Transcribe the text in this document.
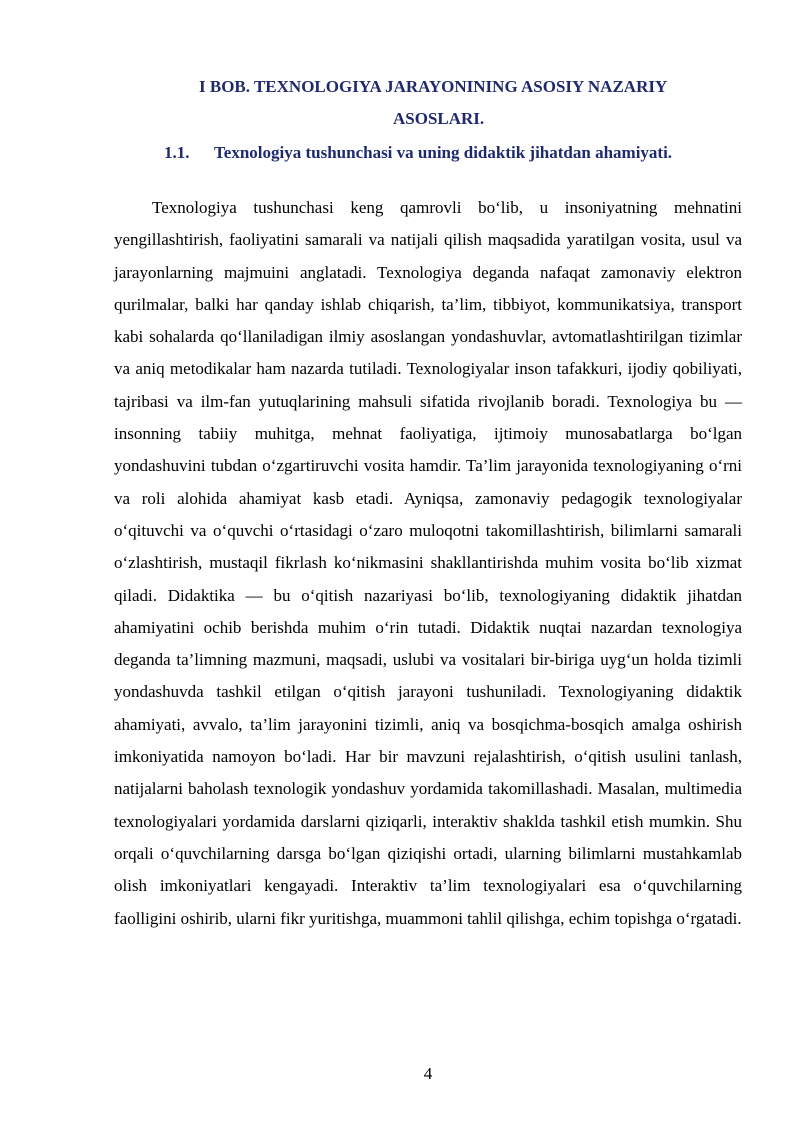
I BOB. TEXNOLOGIYA JARAYONINING ASOSIY NAZARIY
ASOSLARI.
1.1. Texnologiya tushunchasi va uning didaktik jihatdan ahamiyati.

Texnologiya tushunchasi keng qamrovli bo‘lib, u insoniyatning mehnatini yengillashtirish, faoliyatini samarali va natijali qilish maqsadida yaratilgan vosita, usul va jarayonlarning majmuini anglatadi. Texnologiya deganda nafaqat zamonaviy elektron qurilmalar, balki har qanday ishlab chiqarish, ta’lim, tibbiyot, kommunikatsiya, transport kabi sohalarda qo‘llaniladigan ilmiy asoslangan yondashuvlar, avtomatlashtirilgan tizimlar va aniq metodikalar ham nazarda tutiladi. Texnologiyalar inson tafakkuri, ijodiy qobiliyati, tajribasi va ilm-fan yutuqlarining mahsuli sifatida rivojlanib boradi. Texnologiya bu — insonning tabiiy muhitga, mehnat faoliyatiga, ijtimoiy munosabatlarga bo‘lgan yondashuvini tubdan o‘zgartiruvchi vosita hamdir. Ta’lim jarayonida texnologiyaning o‘rni va roli alohida ahamiyat kasb etadi. Ayniqsa, zamonaviy pedagogik texnologiyalar o‘qituvchi va o‘quvchi o‘rtasidagi o‘zaro muloqotni takomillashtirish, bilimlarni samarali o‘zlashtirish, mustaqil fikrlash ko‘nikmasini shakllantirishda muhim vosita bo‘lib xizmat qiladi. Didaktika — bu o‘qitish nazariyasi bo‘lib, texnologiyaning didaktik jihatdan ahamiyatini ochib berishda muhim o‘rin tutadi. Didaktik nuqtai nazardan texnologiya deganda ta’limning mazmuni, maqsadi, uslubi va vositalari bir-biriga uyg‘un holda tizimli yondashuvda tashkil etilgan o‘qitish jarayoni tushuniladi. Texnologiyaning didaktik ahamiyati, avvalo, ta’lim jarayonini tizimli, aniq va bosqichma-bosqich amalga oshirish imkoniyatida namoyon bo‘ladi. Har bir mavzuni rejalashtirish, o‘qitish usulini tanlash, natijalarni baholash texnologik yondashuv yordamida takomillashadi. Masalan, multimedia texnologiyalari yordamida darslarni qiziqarli, interaktiv shaklda tashkil etish mumkin. Shu orqali o‘quvchilarning darsga bo‘lgan qiziqishi ortadi, ularning bilimlarni mustahkamlab olish imkoniyatlari kengayadi. Interaktiv ta’lim texnologiyalari esa o‘quvchilarning faolligini oshirib, ularni fikr yuritishga, muammoni tahlil qilishga, echim topishga o‘rgatadi.

4
